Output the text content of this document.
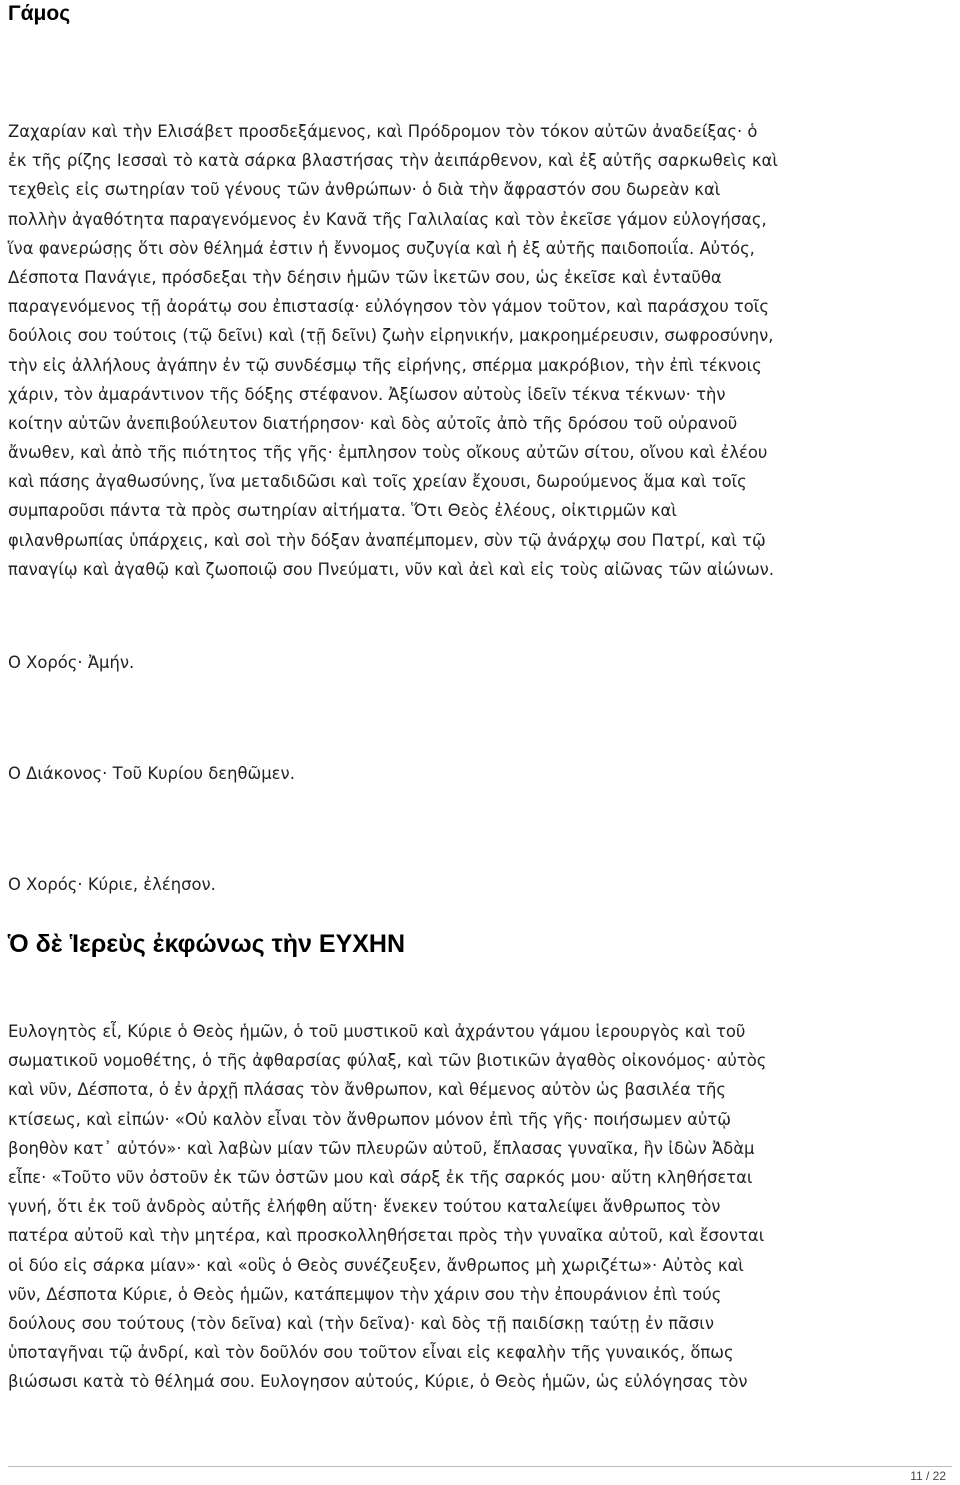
Γάμος
Ζαχαρίαν καὶ τὴν Ελισάβετ προσδεξάμενος, καὶ Πρόδρομον τὸν τόκον αὐτῶν ἀναδείξας· ὁ
ἐκ τῆς ρίζης Ιεσσαὶ τὸ κατὰ σάρκα βλαστήσας τὴν ἀειπάρθενον, καὶ ἐξ αὐτῆς σαρκωθεὶς καὶ
τεχθεὶς εἰς σωτηρίαν τοῦ γένους τῶν ἀνθρώπων· ὁ διὰ τὴν ἄφραστόν σου δωρεὰν καὶ
πολλὴν ἀγαθότητα παραγενόμενος ἐν Κανᾶ τῆς Γαλιλαίας καὶ τὸν ἐκεῖσε γάμον εὐλογήσας,
ἵνα φανερώσῃς ὅτι σὸν θέλημά ἐστιν ἡ ἔννομος συζυγία καὶ ἡ ἐξ αὐτῆς παιδοποιΐα. Αὐτός,
Δέσποτα Πανάγιε, πρόσδεξαι τὴν δέησιν ἡμῶν τῶν ἱκετῶν σου, ὡς ἐκεῖσε καὶ ἐνταῦθα
παραγενόμενος τῇ ἀοράτῳ σου ἐπιστασίᾳ· εὐλόγησον τὸν γάμον τοῦτον, καὶ παράσχου τοῖς
δούλοις σου τούτοις (τῷ δεῖνι) καὶ (τῇ δεῖνι) ζωὴν εἰρηνικήν, μακροημέρευσιν, σωφροσύνην,
τὴν εἰς ἀλλήλους ἀγάπην ἐν τῷ συνδέσμῳ τῆς εἰρήνης, σπέρμα μακρόβιον, τὴν ἐπὶ τέκνοις
χάριν, τὸν ἀμαράντινον τῆς δόξης στέφανον. Ἀξίωσον αὐτοὺς ἰδεῖν τέκνα τέκνων· τὴν
κοίτην αὐτῶν ἀνεπιβούλευτον διατήρησον· καὶ δὸς αὐτοῖς ἀπὸ τῆς δρόσου τοῦ οὐρανοῦ
ἄνωθεν, καὶ ἀπὸ τῆς πιότητος τῆς γῆς· ἐμπλησον τοὺς οἴκους αὐτῶν σίτου, οἴνου καὶ ἐλέου
καὶ πάσης ἀγαθωσύνης, ἵνα μεταδιδῶσι καὶ τοῖς χρείαν ἔχουσι, δωρούμενος ἅμα καὶ τοῖς
συμπαροῦσι πάντα τὰ πρὸς σωτηρίαν αἰτήματα. Ὅτι Θεὸς ἐλέους, οἰκτιρμῶν καὶ
φιλανθρωπίας ὑπάρχεις, καὶ σοὶ τὴν δόξαν ἀναπέμπομεν, σὺν τῷ ἀνάρχῳ σου Πατρί, καὶ τῷ
παναγίῳ καὶ ἀγαθῷ καὶ ζωοποιῷ σου Πνεύματι, νῦν καὶ ἀεὶ καὶ εἰς τοὺς αἰῶνας τῶν αἰώνων.

Ο Χορός· Ἀμήν.

Ο Διάκονος· Τοῦ Κυρίου δεηθῶμεν.

Ο Χορός· Κύριε, ἐλέησον.

Ὁ δὲ Ἱερεὺς ἐκφώνως τὴν ΕΥΧΗΝ
Ευλογητὸς εἶ, Κύριε ὁ Θεὸς ἡμῶν, ὁ τοῦ μυστικοῦ καὶ ἀχράντου γάμου ἱερουργὸς καὶ τοῦ
σωματικοῦ νομοθέτης, ὁ τῆς ἀφθαρσίας φύλαξ, καὶ τῶν βιοτικῶν ἀγαθὸς οἰκονόμος· αὐτὸς
καὶ νῦν, Δέσποτα, ὁ ἐν ἀρχῇ πλάσας τὸν ἄνθρωπον, καὶ θέμενος αὐτὸν ὡς βασιλέα τῆς
κτίσεως, καὶ εἰπών· «Οὐ καλὸν εἶναι τὸν ἄνθρωπον μόνον ἐπὶ τῆς γῆς· ποιήσωμεν αὐτῷ
βοηθὸν κατ᾽ αὐτόν»· καὶ λαβὼν μίαν τῶν πλευρῶν αὐτοῦ, ἔπλασας γυναῖκα, ἣν ἰδὼν Ἀδὰμ
εἶπε· «Τοῦτο νῦν ὀστοῦν ἐκ τῶν ὀστῶν μου καὶ σάρξ ἐκ τῆς σαρκός μου· αὕτη κληθήσεται
γυνή, ὅτι ἐκ τοῦ ἀνδρὸς αὐτῆς ἐλήφθη αὕτη· ἕνεκεν τούτου καταλείψει ἄνθρωπος τὸν
πατέρα αὐτοῦ καὶ τὴν μητέρα, καὶ προσκολληθήσεται πρὸς τὴν γυναῖκα αὐτοῦ, καὶ ἔσονται
οἱ δύο εἰς σάρκα μίαν»· καὶ «οὓς ὁ Θεὸς συνέζευξεν, ἄνθρωπος μὴ χωριζέτω»· Αὐτὸς καὶ
νῦν, Δέσποτα Κύριε, ὁ Θεὸς ἡμῶν, κατάπεμψον τὴν χάριν σου τὴν ἐπουράνιον ἐπὶ τούς
δούλους σου τούτους (τὸν δεῖνα) καὶ (τὴν δεῖνα)· καὶ δὸς τῇ παιδίσκῃ ταύτῃ ἐν πᾶσιν
ὑποταγῆναι τῷ ἀνδρί, καὶ τὸν δοῦλόν σου τοῦτον εἶναι εἰς κεφαλὴν τῆς γυναικός, ὅπως
βιώσωσι κατὰ τὸ θέλημά σου. Ευλογησον αὐτούς, Κύριε, ὁ Θεὸς ἡμῶν, ὡς εὐλόγησας τὸν
11 / 22
